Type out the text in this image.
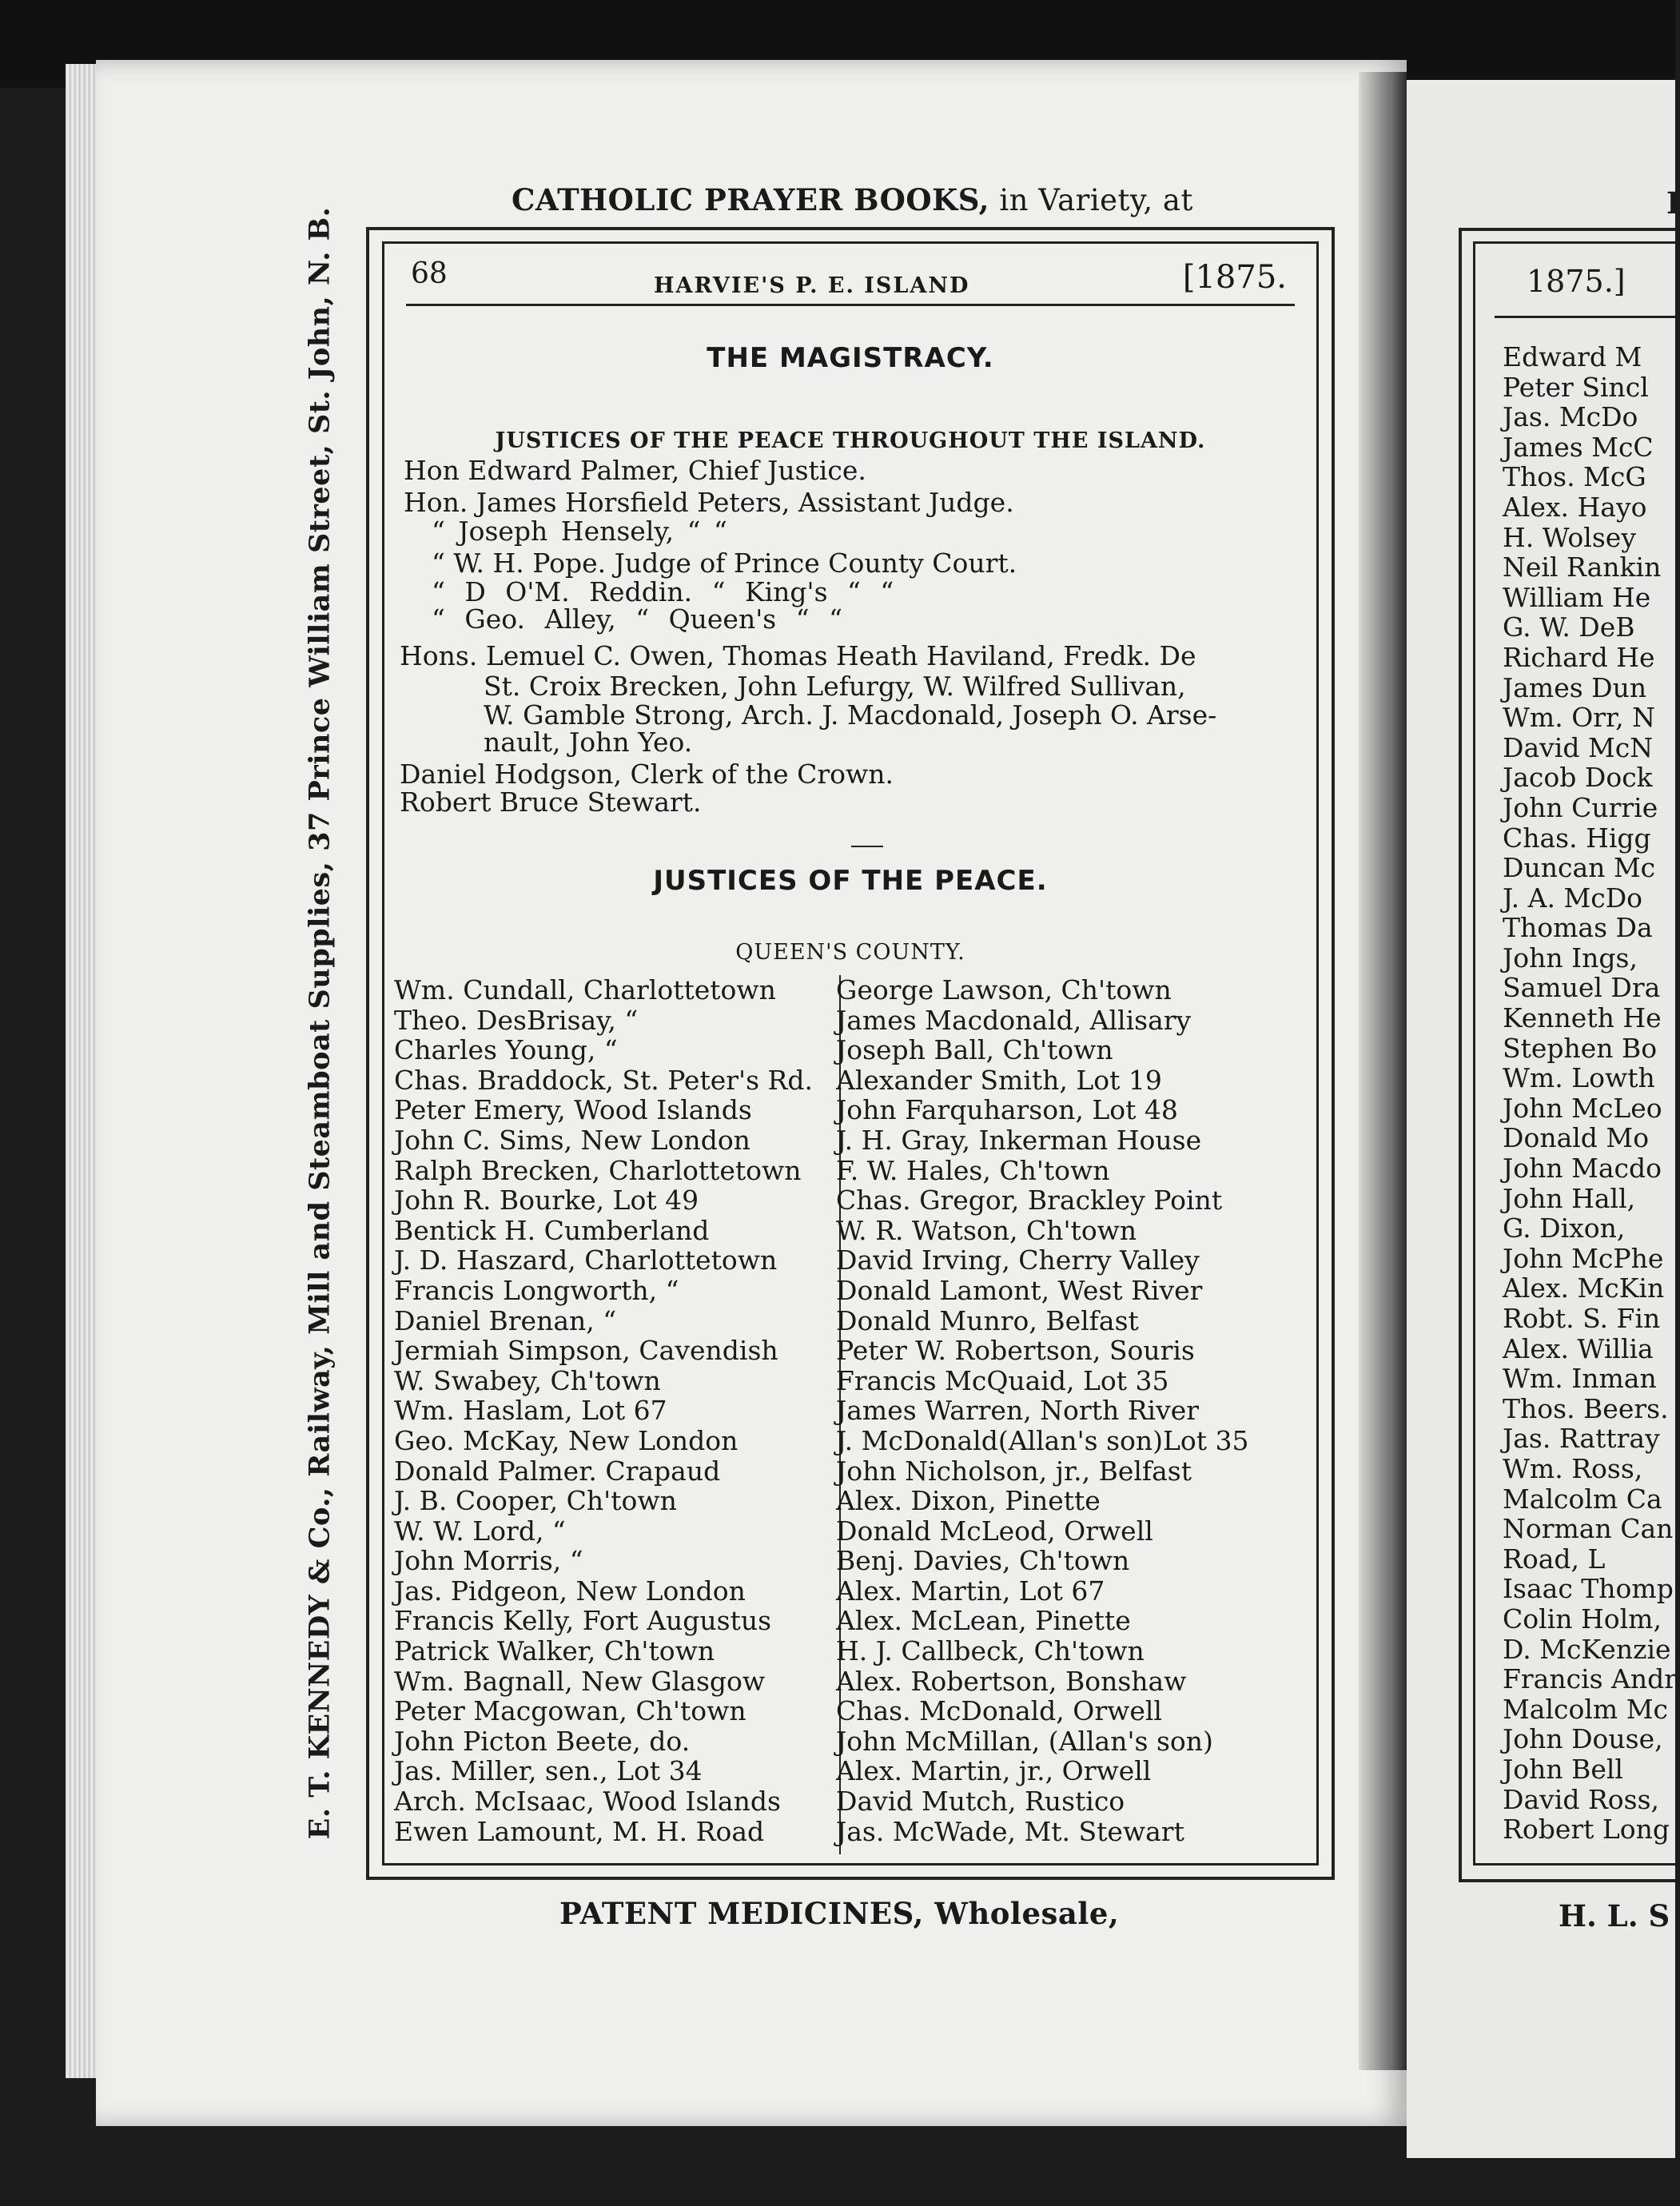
CATHOLIC PRAYER BOOKS, in Variety, at
PATENT MEDICINES, Wholesale,
E. T. KENNEDY & Co., Railway, Mill and Steamboat Supplies, 37 Prince William Street, St. John, N. B.	68	HARVIE'S P. E. ISLAND	[1875.
THE MAGISTRACY.
JUSTICES OF THE PEACE THROUGHOUT THE ISLAND.
Hon Edward Palmer, Chief Justice.
Hon. James Horsfield Peters, Assistant Judge.
“ Joseph Hensely, “ “
“ W. H. Pope. Judge of Prince County Court.
“ D O'M. Reddin. “ King's “ “
“ Geo. Alley, “ Queen's “ “
Hons. Lemuel C. Owen, Thomas Heath Haviland, Fredk. De
St. Croix Brecken, John Lefurgy, W. Wilfred Sullivan,
W. Gamble Strong, Arch. J. Macdonald, Joseph O. Arse-
nault, John Yeo.
Daniel Hodgson, Clerk of the Crown.
Robert Bruce Stewart.
JUSTICES OF THE PEACE.
QUEEN'S COUNTY.
Wm. Cundall, Charlottetown
Theo. DesBrisay, “
Charles Young, “
Chas. Braddock, St. Peter's Rd.
Peter Emery, Wood Islands
John C. Sims, New London
Ralph Brecken, Charlottetown
John R. Bourke, Lot 49
Bentick H. Cumberland
J. D. Haszard, Charlottetown
Francis Longworth, “
Daniel Brenan, “
Jermiah Simpson, Cavendish
W. Swabey, Ch'town
Wm. Haslam, Lot 67
Geo. McKay, New London
Donald Palmer. Crapaud
J. B. Cooper, Ch'town
W. W. Lord, “
John Morris, “
Jas. Pidgeon, New London
Francis Kelly, Fort Augustus
Patrick Walker, Ch'town
Wm. Bagnall, New Glasgow
Peter Macgowan, Ch'town
John Picton Beete, do.
Jas. Miller, sen., Lot 34
Arch. McIsaac, Wood Islands
Ewen Lamount, M. H. Road
George Lawson, Ch'town
James Macdonald, Allisary
Joseph Ball, Ch'town
Alexander Smith, Lot 19
John Farquharson, Lot 48
J. H. Gray, Inkerman House
F. W. Hales, Ch'town
Chas. Gregor, Brackley Point
W. R. Watson, Ch'town
David Irving, Cherry Valley
Donald Lamont, West River
Donald Munro, Belfast
Peter W. Robertson, Souris
Francis McQuaid, Lot 35
James Warren, North River
J. McDonald(Allan's son)Lot 35
John Nicholson, jr., Belfast
Alex. Dixon, Pinette
Donald McLeod, Orwell
Benj. Davies, Ch'town
Alex. Martin, Lot 67
Alex. McLean, Pinette
H. J. Callbeck, Ch'town
Alex. Robertson, Bonshaw
Chas. McDonald, Orwell
John McMillan, (Allan's son)
Alex. Martin, jr., Orwell
David Mutch, Rustico
Jas. McWade, Mt. Stewart
I
1875.]
Edward M
Peter Sincl
Jas. McDo
James McC
Thos. McG
Alex. Hayo
H. Wolsey
Neil Rankin
William He
G. W. DeB
Richard He
James Dun
Wm. Orr, N
David McN
Jacob Dock
John Currie
Chas. Higg
Duncan Mc
J. A. McDo
Thomas Da
John Ings,
Samuel Dra
Kenneth He
Stephen Bo
Wm. Lowth
John McLeo
Donald Mo
John Macdo
John Hall,
G. Dixon,
John McPhe
Alex. McKin
Robt. S. Fin
Alex. Willia
Wm. Inman
Thos. Beers.
Jas. Rattray
Wm. Ross,
Malcolm Ca
Norman Can
Road, L
Isaac Thomp
Colin Holm,
D. McKenzie
Francis Andr
Malcolm Mc
John Douse,
John Bell
David Ross,
Robert Long
H. L. S
